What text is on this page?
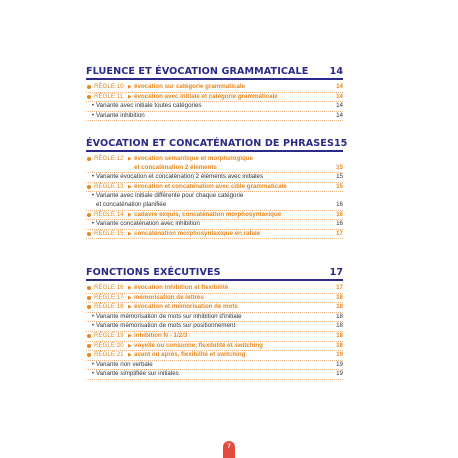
FLUENCE ET ÉVOCATION GRAMMATICALE 14
RÈGLE 10 ▶ évocation sur catégorie grammaticale	14
RÈGLE 11 ▶ évocation avec initiale et catégorie grammaticale	14
• Variante avec initiale toutes catégories	14
• Variante inhibition	14
ÉVOCATION ET CONCATÉNATION DE PHRASES 15
RÈGLE 12 ▶ évocation sémantique et morphologique
et concaténation 2 éléments	15
• Variante évocation et concaténation 2 éléments avec initiales	15
RÈGLE 13 ▶ évocation et concaténation avec cible grammaticale	15
• Variante avec initiale différente pour chaque catégorie
et concaténation planifiée	16
RÈGLE 14 ▶ cadavre exquis, concaténation morphosyntaxique	16
• Variante concaténation avec inhibition	16
RÈGLE 15 ▶ concaténation morphosyntaxique en rafale	17
FONCTIONS EXÉCUTIVES	17
RÈGLE 16 ▶ évocation inhibition et flexibilité	17
RÈGLE 17 ▶ mémorisation de lettres	18
RÈGLE 18 ▶ évocation et mémorisation de mots	18
• Variante mémorisation de mots sur inhibition d'initiale	18
• Variante mémorisation de mots sur positionnement	18
RÈGLE 19 ▶ inhibition N - 1/2/3	18
RÈGLE 20 ▶ voyelle ou consonne, flexibilité et switching	18
RÈGLE 21 ▶ avant ou après, flexibilité et switching	19
• Variante non verbale	19
• Variante simplifiée sur initiales	19
7
